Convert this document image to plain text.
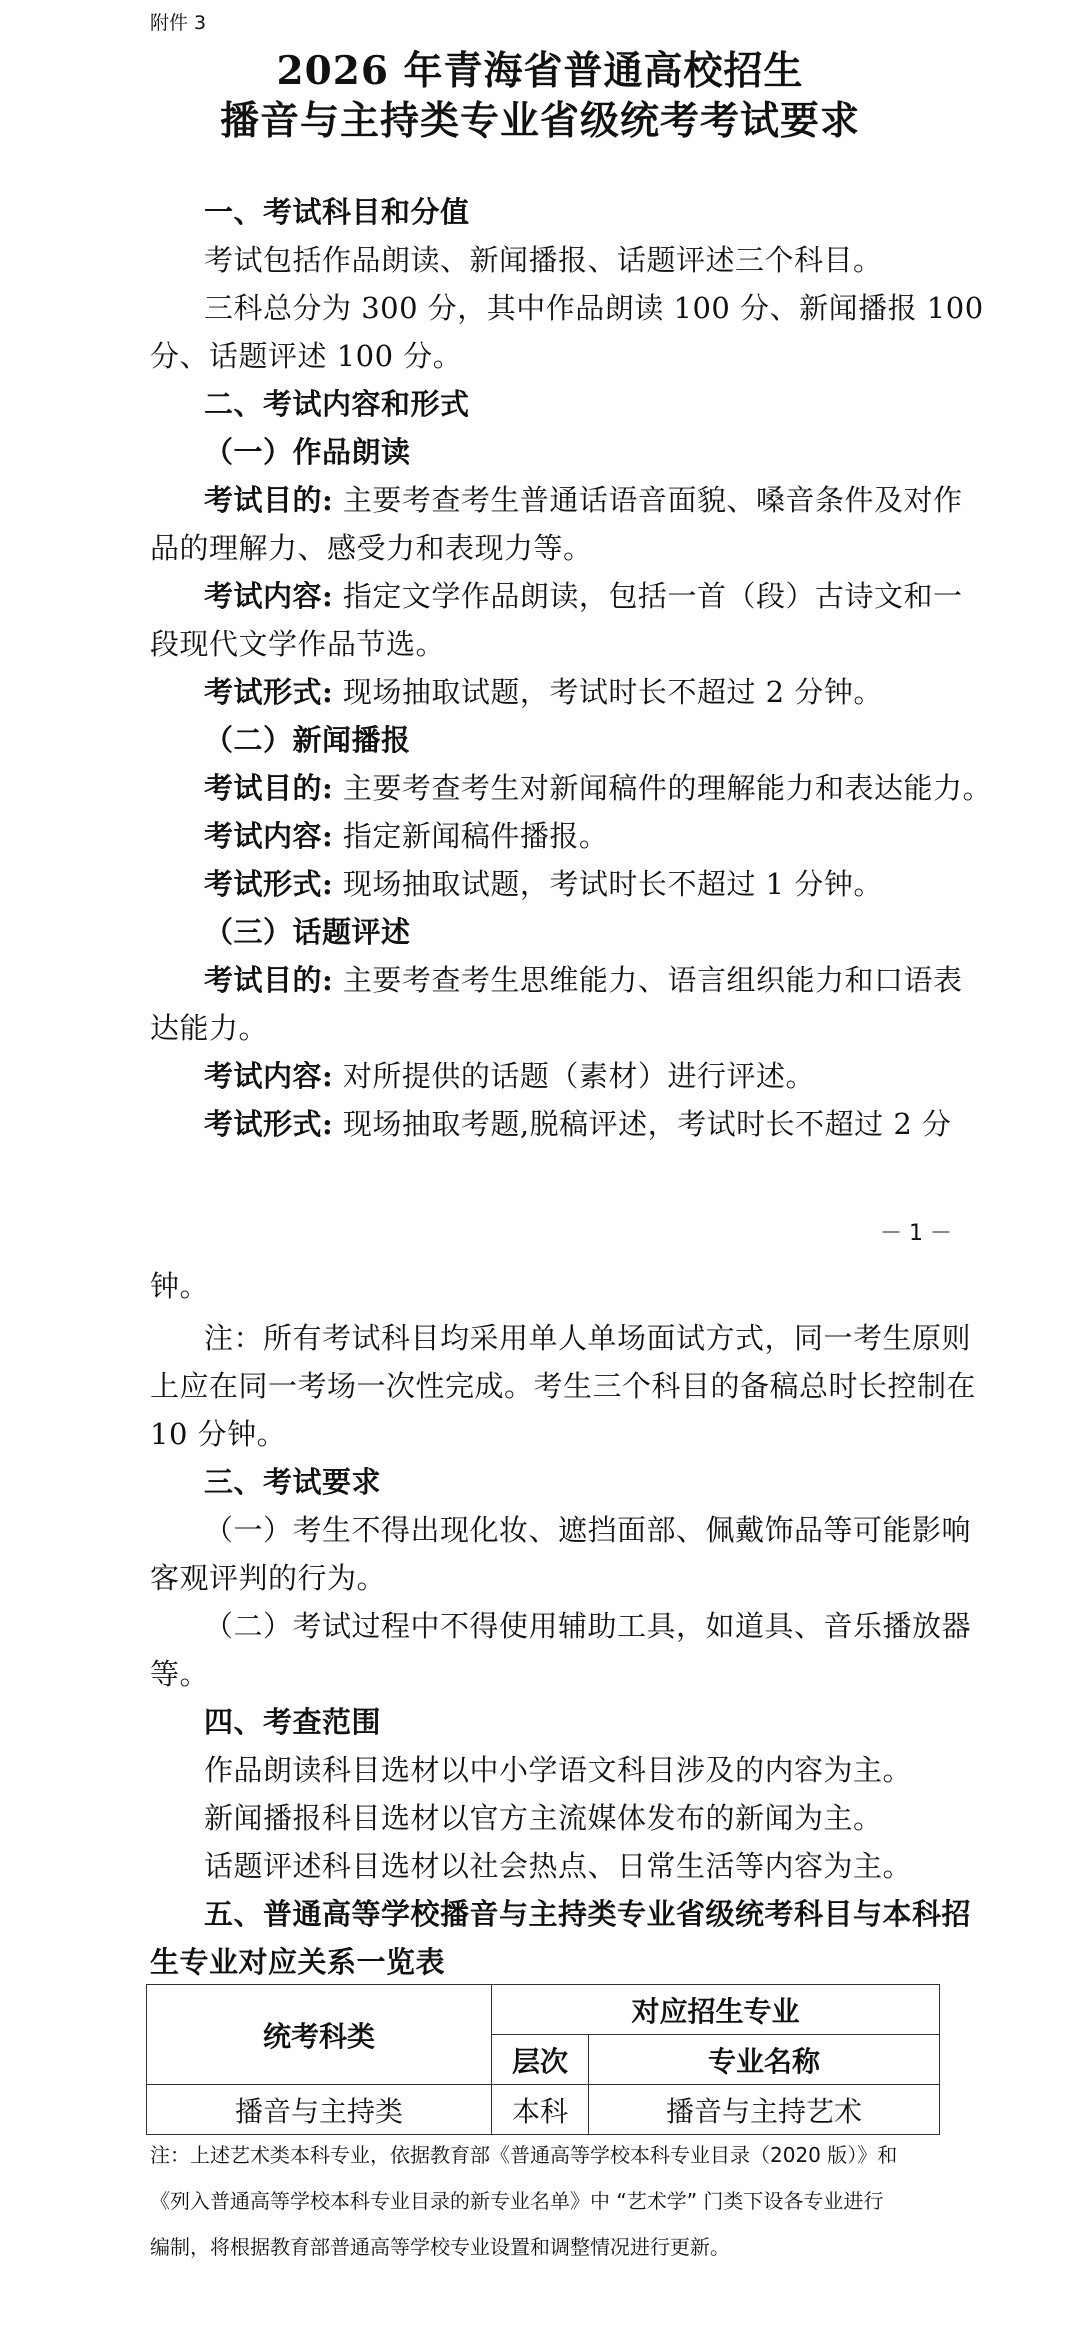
附件 3
2026 年青海省普通高校招生
播音与主持类专业省级统考考试要求
一、考试科目和分值
考试包括作品朗读、新闻播报、话题评述三个科目。
三科总分为 300 分，其中作品朗读 100 分、新闻播报 100
分、话题评述 100 分。
二、考试内容和形式
（一）作品朗读
考试目的: 主要考查考生普通话语音面貌、嗓音条件及对作
品的理解力、感受力和表现力等。
考试内容: 指定文学作品朗读，包括一首（段）古诗文和一
段现代文学作品节选。
考试形式: 现场抽取试题，考试时长不超过 2 分钟。
（二）新闻播报
考试目的: 主要考查考生对新闻稿件的理解能力和表达能力。
考试内容: 指定新闻稿件播报。
考试形式: 现场抽取试题，考试时长不超过 1 分钟。
（三）话题评述
考试目的: 主要考查考生思维能力、语言组织能力和口语表
达能力。
考试内容: 对所提供的话题（素材）进行评述。
考试形式: 现场抽取考题,脱稿评述，考试时长不超过 2 分
－ 1 －
钟。
注：所有考试科目均采用单人单场面试方式，同一考生原则
上应在同一考场一次性完成。考生三个科目的备稿总时长控制在
10 分钟。
三、考试要求
（一）考生不得出现化妆、遮挡面部、佩戴饰品等可能影响
客观评判的行为。
（二）考试过程中不得使用辅助工具，如道具、音乐播放器
等。
四、考查范围
作品朗读科目选材以中小学语文科目涉及的内容为主。
新闻播报科目选材以官方主流媒体发布的新闻为主。
话题评述科目选材以社会热点、日常生活等内容为主。
五、普通高等学校播音与主持类专业省级统考科目与本科招
生专业对应关系一览表
统考科类	对应招生专业	
	层次	专业名称
播音与主持类	本科	播音与主持艺术
注：上述艺术类本科专业，依据教育部《普通高等学校本科专业目录（2020 版）》和
《列入普通高等学校本科专业目录的新专业名单》中 “艺术学” 门类下设各专业进行
编制，将根据教育部普通高等学校专业设置和调整情况进行更新。
